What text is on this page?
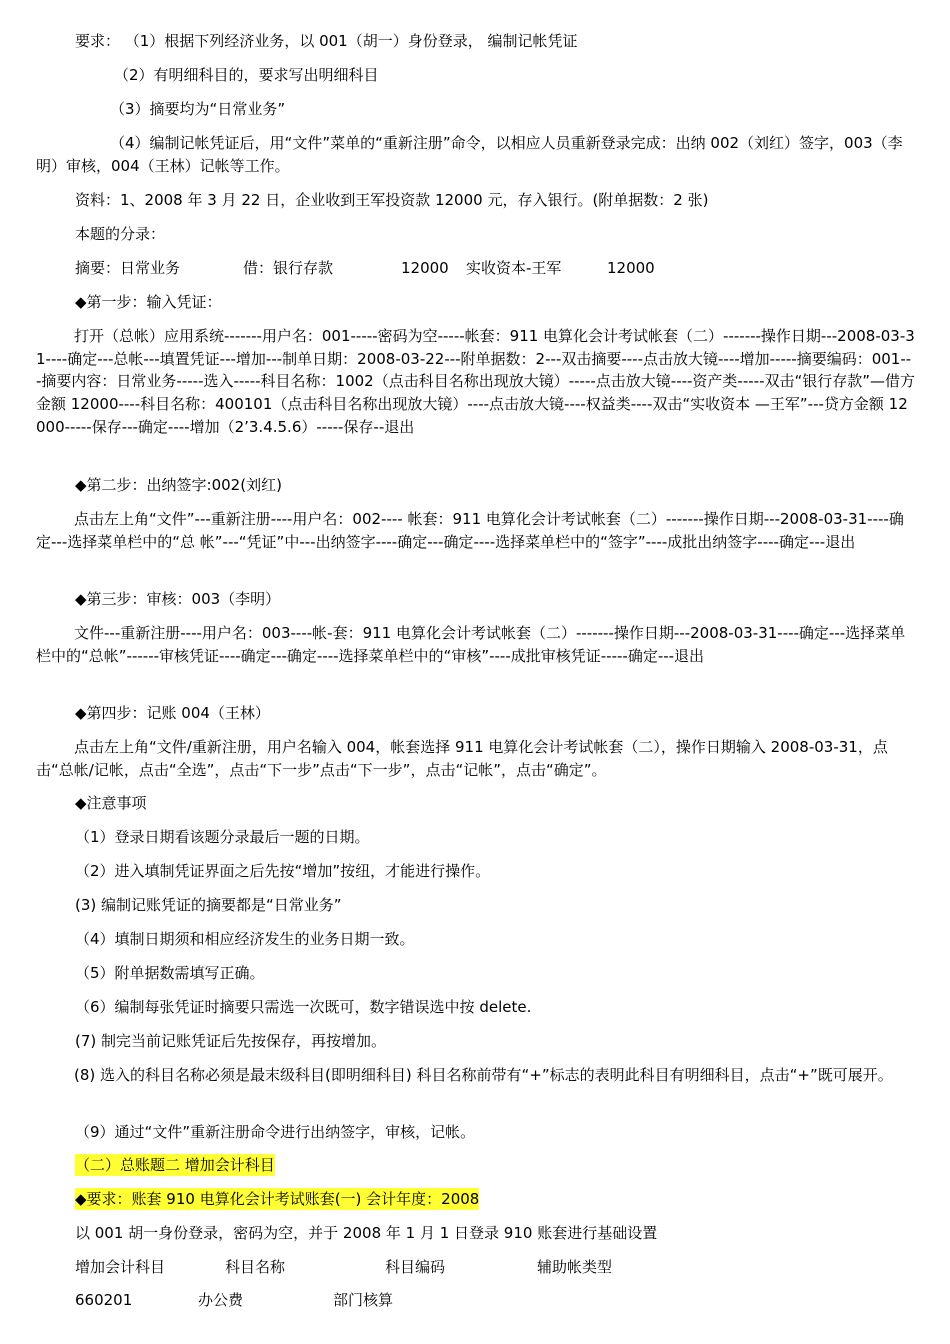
要求： （1）根据下列经济业务，以 001（胡一）身份登录， 编制记帐凭证
（2）有明细科目的，要求写出明细科目
（3）摘要均为“日常业务”
（4）编制记帐凭证后，用“文件”菜单的“重新注册”命令，以相应人员重新登录完成：出纳 002（刘红）签字，003（李明）审核，004（王林）记帐等工作。
资料：1、2008 年 3 月 22 日，企业收到王军投资款 12000 元，存入银行。(附单据数：2 张)
本题的分录：
摘要：日常业务	借：银行存款	12000 实收资本-王军	12000
◆第一步：输入凭证：
打开（总帐）应用系统-------用户名：001-----密码为空-----帐套：911 电算化会计考试帐套（二）-------操作日期---2008-03-31----确定---总帐---填置凭证---增加---制单日期：2008-03-22---附单据数：2---双击摘要----点击放大镜----增加-----摘要编码：001---摘要内容：日常业务-----选入-----科目名称：1002（点击科目名称出现放大镜）-----点击放大镜----资产类-----双击“银行存款”—借方金额 12000----科目名称：400101（点击科目名称出现放大镜）----点击放大镜----权益类----双击“实收资本 —王军”---贷方金额 12000-----保存---确定----增加（2’3.4.5.6）-----保存--退出
◆第二步：出纳签字:002(刘红)
点击左上角“文件”---重新注册----用户名：002---- 帐套：911 电算化会计考试帐套（二）-------操作日期---2008-03-31----确定---选择菜单栏中的“总 帐”---“凭证”中---出纳签字----确定---确定----选择菜单栏中的“签字”----成批出纳签字----确定---退出
◆第三步：审核：003（李明）
文件---重新注册----用户名：003----帐-套：911 电算化会计考试帐套（二）-------操作日期---2008-03-31----确定---选择菜单栏中的“总帐”------审核凭证----确定---确定----选择菜单栏中的“审核”----成批审核凭证-----确定---退出
◆第四步：记账 004（王林）
点击左上角“文件/重新注册，用户名输入 004，帐套选择 911 电算化会计考试帐套（二），操作日期输入 2008-03-31，点击“总帐/记帐，点击“全选”，点击“下一步”点击“下一步”，点击“记帐”，点击“确定”。
◆注意事项
（1）登录日期看该题分录最后一题的日期。
（2）进入填制凭证界面之后先按“增加”按纽，才能进行操作。
(3) 编制记账凭证的摘要都是“日常业务”
（4）填制日期须和相应经济发生的业务日期一致。
（5）附单据数需填写正确。
（6）编制每张凭证时摘要只需选一次既可，数字错误选中按 delete.
(7) 制完当前记账凭证后先按保存，再按增加。
(8) 选入的科目名称必须是最末级科目(即明细科目) 科目名称前带有“+”标志的表明此科目有明细科目，点击“+”既可展开。
（9）通过“文件”重新注册命令进行出纳签字，审核，记帐。
（二）总账题二 增加会计科目
◆要求：账套 910 电算化会计考试账套(一) 会计年度：2008
以 001 胡一身份登录，密码为空，并于 2008 年 1 月 1 日登录 910 账套进行基础设置
增加会计科目	科目名称	科目编码	辅助帐类型
660201	办公费	部门核算
